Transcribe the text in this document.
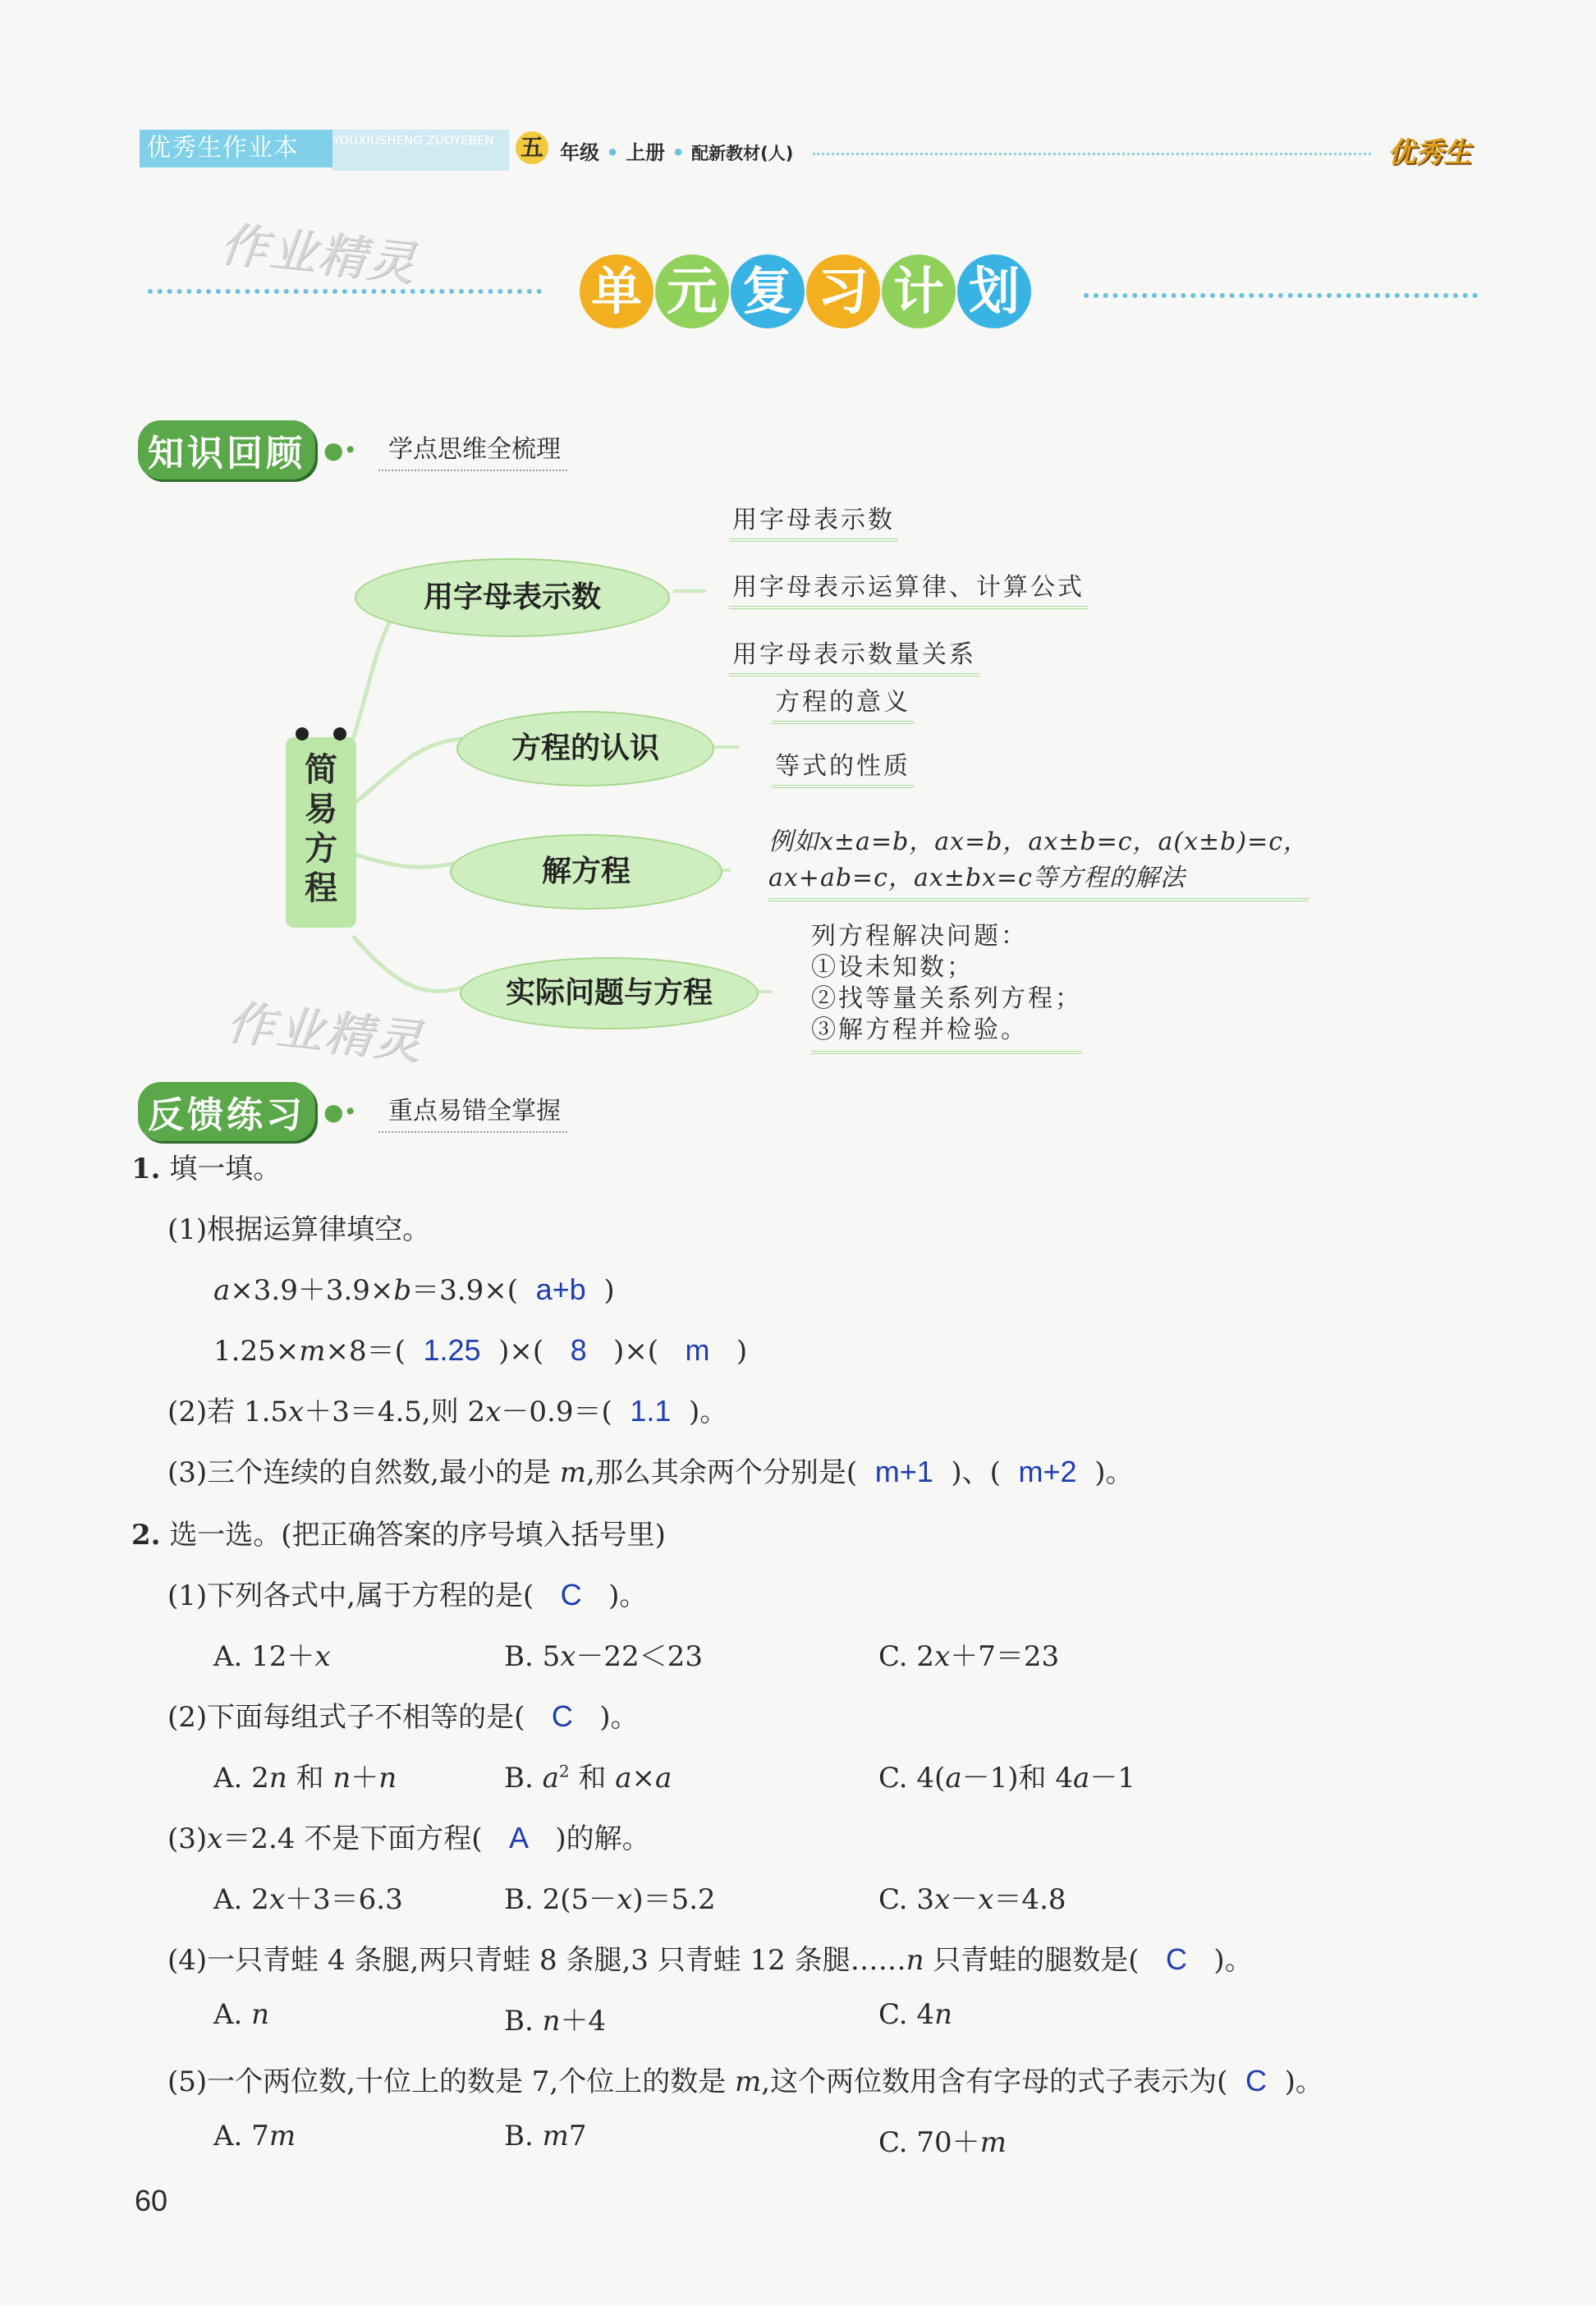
优秀生作业本	YOUXIUSHENG ZUOYEBEN	五 年级 • 上册 • 配新教材(人)	优秀生
作业精灵
作业精灵
单 元 复 习 计 划
知识回顾 ●•	学点思维全梳理
简
易
方
程
用字母表示数
用字母表示数
用字母表示运算律、计算公式
用字母表示数量关系
方程的认识
方程的意义
等式的性质
解方程
例如x±a=b，ax=b，ax±b=c，a(x±b)=c，
ax+ab=c，ax±bx=c等方程的解法
实际问题与方程
列方程解决问题：
①设未知数；
②找等量关系列方程；
③解方程并检验。
反馈练习 ●•	重点易错全掌握
1. 填一填。
(1)根据运算律填空。
a×3.9＋3.9×b＝3.9×(  a+b  )
1.25×m×8＝(  1.25  )×(   8   )×(   m   )
(2)若 1.5x＋3＝4.5,则 2x－0.9＝(  1.1  )。
(3)三个连续的自然数,最小的是 m,那么其余两个分别是(  m+1  )、(  m+2  )。
2. 选一选。(把正确答案的序号填入括号里)
(1)下列各式中,属于方程的是(   C   )。
A. 12＋x	B. 5x－22＜23	C. 2x＋7＝23
(2)下面每组式子不相等的是(   C   )。
A. 2n 和 n＋n	B. $a^2$ 和 a×a	C. 4(a－1)和 4a－1
(3)x＝2.4 不是下面方程(   A   )的解。
A. 2x＋3＝6.3	B. 2(5－x)＝5.2	C. 3x－x＝4.8
(4)一只青蛙 4 条腿,两只青蛙 8 条腿,3 只青蛙 12 条腿……n 只青蛙的腿数是(   C   )。
A. n	B. n＋4	C. 4n
(5)一个两位数,十位上的数是 7,个位上的数是 m,这个两位数用含有字母的式子表示为(  C  )。
A. 7m	B. m7	C. 70＋m
60
